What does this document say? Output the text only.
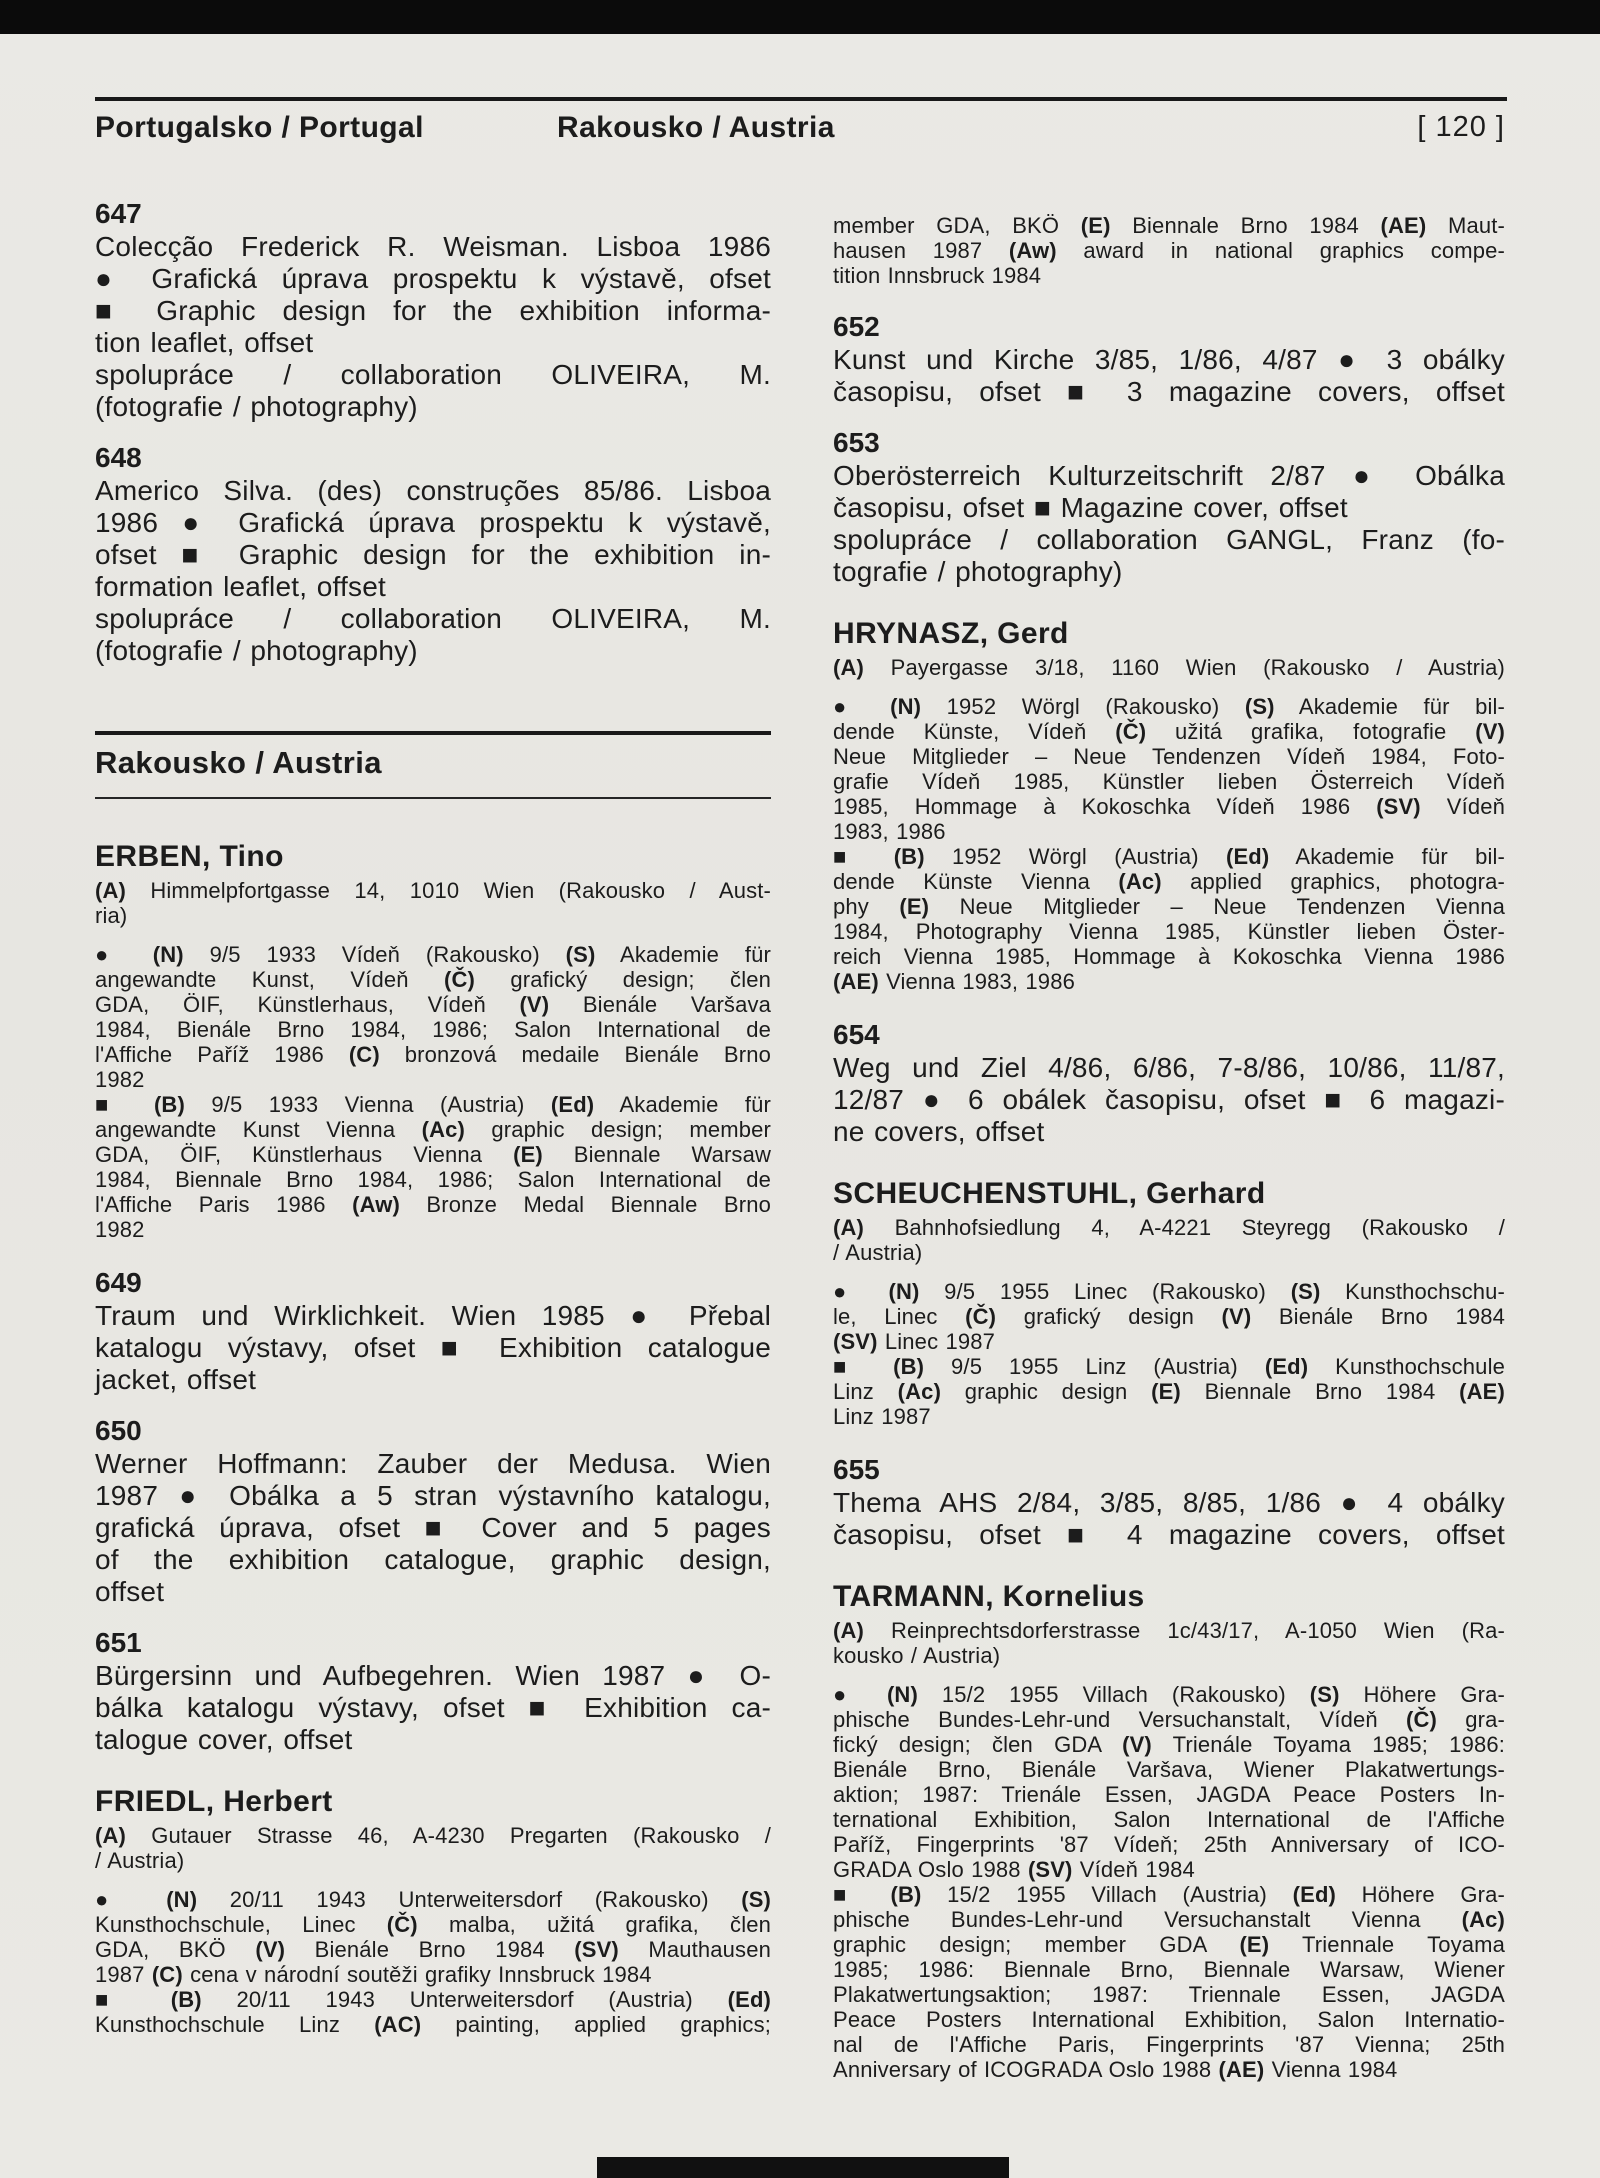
Portugalsko / Portugal	Rakousko / Austria	[ 120 ]
647
Colecção Frederick R. Weisman. Lisboa 1986
● Grafická úprava prospektu k výstavě, ofset
■ Graphic design for the exhibition informa-
tion leaflet, offset
spolupráce / collaboration OLIVEIRA, M.
(fotografie / photography)
648
Americo Silva. (des) construções 85/86. Lisboa
1986 ● Grafická úprava prospektu k výstavě,
ofset ■ Graphic design for the exhibition in-
formation leaflet, offset
spolupráce / collaboration OLIVEIRA, M.
(fotografie / photography)
Rakousko / Austria
ERBEN, Tino
(A) Himmelpfortgasse 14, 1010 Wien (Rakousko / Aust-
ria)
● (N) 9/5 1933 Vídeň (Rakousko) (S) Akademie für
angewandte Kunst, Vídeň (Č) grafický design; člen
GDA, ÖIF, Künstlerhaus, Vídeň (V) Bienále Varšava
1984, Bienále Brno 1984, 1986; Salon International de
l'Affiche Paříž 1986 (C) bronzová medaile Bienále Brno
1982
■ (B) 9/5 1933 Vienna (Austria) (Ed) Akademie für
angewandte Kunst Vienna (Ac) graphic design; member
GDA, ÖIF, Künstlerhaus Vienna (E) Biennale Warsaw
1984, Biennale Brno 1984, 1986; Salon International de
l'Affiche Paris 1986 (Aw) Bronze Medal Biennale Brno
1982
649
Traum und Wirklichkeit. Wien 1985 ● Přebal
katalogu výstavy, ofset ■ Exhibition catalogue
jacket, offset
650
Werner Hoffmann: Zauber der Medusa. Wien
1987 ● Obálka a 5 stran výstavního katalogu,
grafická úprava, ofset ■ Cover and 5 pages
of the exhibition catalogue, graphic design,
offset
651
Bürgersinn und Aufbegehren. Wien 1987 ● O-
bálka katalogu výstavy, ofset ■ Exhibition ca-
talogue cover, offset
FRIEDL, Herbert
(A) Gutauer Strasse 46, A-4230 Pregarten (Rakousko /
/ Austria)
● (N) 20/11 1943 Unterweitersdorf (Rakousko) (S)
Kunsthochschule, Linec (Č) malba, užitá grafika, člen
GDA, BKÖ (V) Bienále Brno 1984 (SV) Mauthausen
1987 (C) cena v národní soutěži grafiky Innsbruck 1984
■ (B) 20/11 1943 Unterweitersdorf (Austria) (Ed)
Kunsthochschule Linz (AC) painting, applied graphics;
member GDA, BKÖ (E) Biennale Brno 1984 (AE) Maut-
hausen 1987 (Aw) award in national graphics compe-
tition Innsbruck 1984
652
Kunst und Kirche 3/85, 1/86, 4/87 ● 3 obálky
časopisu, ofset ■ 3 magazine covers, offset
653
Oberösterreich Kulturzeitschrift 2/87 ● Obálka
časopisu, ofset ■ Magazine cover, offset
spolupráce / collaboration GANGL, Franz (fo-
tografie / photography)
HRYNASZ, Gerd
(A) Payergasse 3/18, 1160 Wien (Rakousko / Austria)
● (N) 1952 Wörgl (Rakousko) (S) Akademie für bil-
dende Künste, Vídeň (Č) užitá grafika, fotografie (V)
Neue Mitglieder – Neue Tendenzen Vídeň 1984, Foto-
grafie Vídeň 1985, Künstler lieben Österreich Vídeň
1985, Hommage à Kokoschka Vídeň 1986 (SV) Vídeň
1983, 1986
■ (B) 1952 Wörgl (Austria) (Ed) Akademie für bil-
dende Künste Vienna (Ac) applied graphics, photogra-
phy (E) Neue Mitglieder – Neue Tendenzen Vienna
1984, Photography Vienna 1985, Künstler lieben Öster-
reich Vienna 1985, Hommage à Kokoschka Vienna 1986
(AE) Vienna 1983, 1986
654
Weg und Ziel 4/86, 6/86, 7-8/86, 10/86, 11/87,
12/87 ● 6 obálek časopisu, ofset ■ 6 magazi-
ne covers, offset
SCHEUCHENSTUHL, Gerhard
(A) Bahnhofsiedlung 4, A-4221 Steyregg (Rakousko /
/ Austria)
● (N) 9/5 1955 Linec (Rakousko) (S) Kunsthochschu-
le, Linec (Č) grafický design (V) Bienále Brno 1984
(SV) Linec 1987
■ (B) 9/5 1955 Linz (Austria) (Ed) Kunsthochschule
Linz (Ac) graphic design (E) Biennale Brno 1984 (AE)
Linz 1987
655
Thema AHS 2/84, 3/85, 8/85, 1/86 ● 4 obálky
časopisu, ofset ■ 4 magazine covers, offset
TARMANN, Kornelius
(A) Reinprechtsdorferstrasse 1c/43/17, A-1050 Wien (Ra-
kousko / Austria)
● (N) 15/2 1955 Villach (Rakousko) (S) Höhere Gra-
phische Bundes-Lehr-und Versuchanstalt, Vídeň (Č) gra-
fický design; člen GDA (V) Trienále Toyama 1985; 1986:
Bienále Brno, Bienále Varšava, Wiener Plakatwertungs-
aktion; 1987: Trienále Essen, JAGDA Peace Posters In-
ternational Exhibition, Salon International de l'Affiche
Paříž, Fingerprints '87 Vídeň; 25th Anniversary of ICO-
GRADA Oslo 1988 (SV) Vídeň 1984
■ (B) 15/2 1955 Villach (Austria) (Ed) Höhere Gra-
phische Bundes-Lehr-und Versuchanstalt Vienna (Ac)
graphic design; member GDA (E) Triennale Toyama
1985; 1986: Biennale Brno, Biennale Warsaw, Wiener
Plakatwertungsaktion; 1987: Triennale Essen, JAGDA
Peace Posters International Exhibition, Salon Internatio-
nal de l'Affiche Paris, Fingerprints '87 Vienna; 25th
Anniversary of ICOGRADA Oslo 1988 (AE) Vienna 1984
